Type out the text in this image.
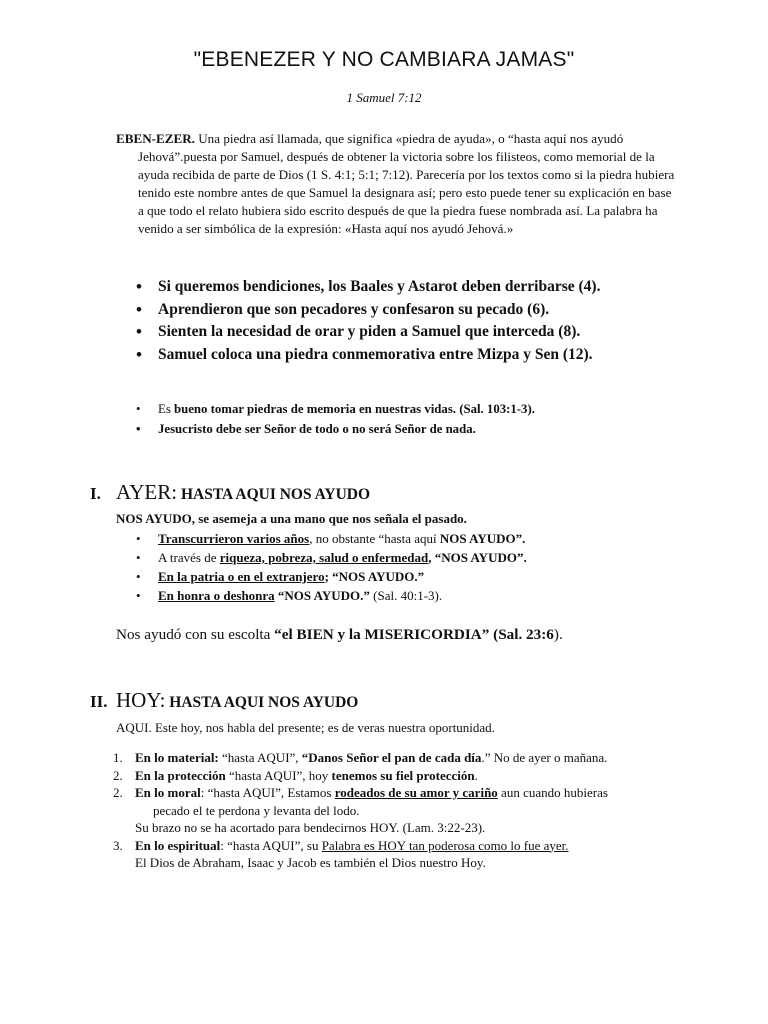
"EBENEZER Y NO CAMBIARA JAMAS"
1 Samuel 7:12

EBEN-EZER. Una piedra así llamada, que significa «piedra de ayuda», o “hasta aquí nos ayudó Jehová”.puesta por Samuel, después de obtener la victoria sobre los filisteos, como memorial de la ayuda recibida de parte de Dios (1 S. 4:1; 5:1; 7:12). Parecería por los textos como si la piedra hubiera tenido este nombre antes de que Samuel la designara así; pero esto puede tener su explicación en base a que todo el relato hubiera sido escrito después de que la piedra fuese nombrada así. La palabra ha venido a ser simbólica de la expresión: «Hasta aquí nos ayudó Jehová.»

• Si queremos bendiciones, los Baales y Astarot deben derribarse (4).
• Aprendieron que son pecadores y confesaron su pecado (6).
• Sienten la necesidad de orar y piden a Samuel que interceda (8).
• Samuel coloca una piedra conmemorativa entre Mizpa y Sen (12).
• Es bueno tomar piedras de memoria en nuestras vidas. (Sal. 103:1-3).
• Jesucristo debe ser Señor de todo o no será Señor de nada.
I. AYER: HASTA AQUI NOS AYUDO
NOS AYUDO, se asemeja a una mano que nos señala el pasado.
• Transcurrieron varios años, no obstante “hasta aquí NOS AYUDO”.
• A través de riqueza, pobreza, salud o enfermedad, “NOS AYUDO”.
• En la patria o en el extranjero; “NOS AYUDO.”
• En honra o deshonra “NOS AYUDO.” (Sal. 40:1-3).
Nos ayudó con su escolta “el BIEN y la MISERICORDIA” (Sal. 23:6).
II. HOY: HASTA AQUI NOS AYUDO
AQUI. Este hoy, nos habla del presente; es de veras nuestra oportunidad.
1. En lo material: “hasta AQUI”, “Danos Señor el pan de cada día.” No de ayer o mañana.
2. En la protección “hasta AQUI”, hoy tenemos su fiel protección.
2. En lo moral: “hasta AQUI”, Estamos rodeados de su amor y cariño aun cuando hubieras
pecado el te perdona y levanta del lodo.
Su brazo no se ha acortado para bendecirnos HOY. (Lam. 3:22-23).
3. En lo espiritual: “hasta AQUI”, su Palabra es HOY tan poderosa como lo fue ayer.
El Dios de Abraham, Isaac y Jacob es también el Dios nuestro Hoy.
